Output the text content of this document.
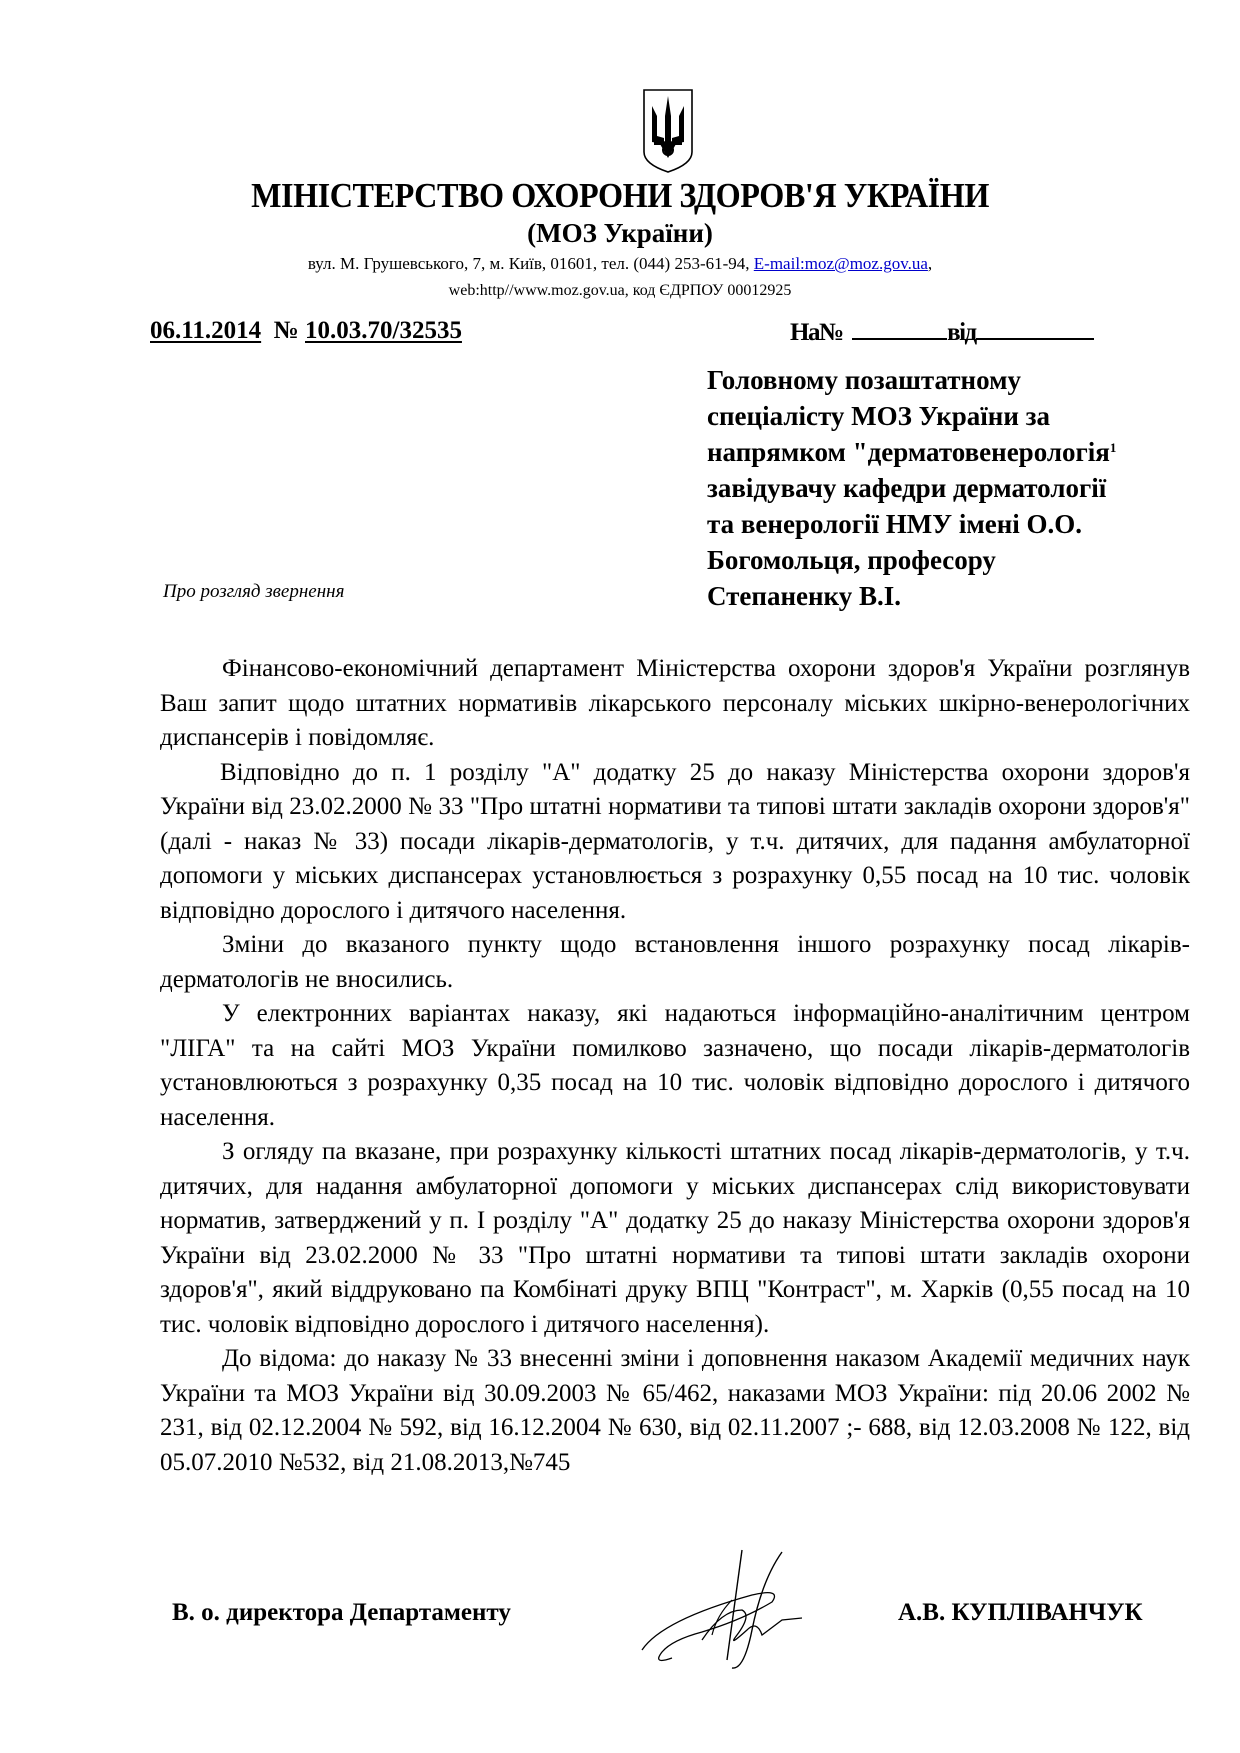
МІНІСТЕРСТВО ОХОРОНИ ЗДОРОВ'Я УКРАЇНИ
(МОЗ України)
вул. М. Грушевського, 7, м. Київ, 01601, тел. (044) 253-61-94, E-mail:moz@moz.gov.ua,
web:http//www.moz.gov.ua, код ЄДРПОУ 00012925
06.11.2014 № 10.03.70/32535	На№	від
Головному позаштатному
спеціалісту МОЗ України за
напрямком "дерматовенерологія$^1$
завідувачу кафедри дерматології
та венерології НМУ імені О.О.
Богомольця, професору
Степаненку В.І.
Про розгляд звернення

Фінансово-економічний департамент Міністерства охорони здоров'я України розглянув Ваш запит щодо штатних нормативів лікарського персоналу міських шкірно-венерологічних диспансерів і повідомляє.

Відповідно до п. 1 розділу "А" додатку 25 до наказу Міністерства охорони здоров'я України від 23.02.2000 № 33 "Про штатні нормативи та типові штати закладів охорони здоров'я" (далі - наказ № 33) посади лікарів-дерматологів, у т.ч. дитячих, для падання амбулаторної допомоги у міських диспансерах установлюється з розрахунку 0,55 посад на 10 тис. чоловік відповідно дорослого і дитячого населення.

Зміни до вказаного пункту щодо встановлення іншого розрахунку посад лікарів-дерматологів не вносились.

У електронних варіантах наказу, які надаються інформаційно-аналітичним центром "ЛІГА" та на сайті МОЗ України помилково зазначено, що посади лікарів-дерматологів установлюються з розрахунку 0,35 посад на 10 тис. чоловік відповідно дорослого і дитячого населення.

З огляду па вказане, при розрахунку кількості штатних посад лікарів-дерматологів, у т.ч. дитячих, для надання амбулаторної допомоги у міських диспансерах слід використовувати норматив, затверджений у п. І розділу "А" додатку 25 до наказу Міністерства охорони здоров'я України від 23.02.2000 № 33 "Про штатні нормативи та типові штати закладів охорони здоров'я", який віддруковано па Комбінаті друку ВПЦ "Контраст", м. Харків (0,55 посад на 10 тис. чоловік відповідно дорослого і дитячого населення).

До відома: до наказу № 33 внесенні зміни і доповнення наказом Академії медичних наук України та МОЗ України від 30.09.2003 № 65/462, наказами МОЗ України: під 20.06 2002 № 231, від 02.12.2004 № 592, від 16.12.2004 № 630, від 02.11.2007 ;- 688, від 12.03.2008 № 122, від 05.07.2010 №532, від 21.08.2013,№745

В. о. директора Департаменту	А.В. КУПЛІВАНЧУК
